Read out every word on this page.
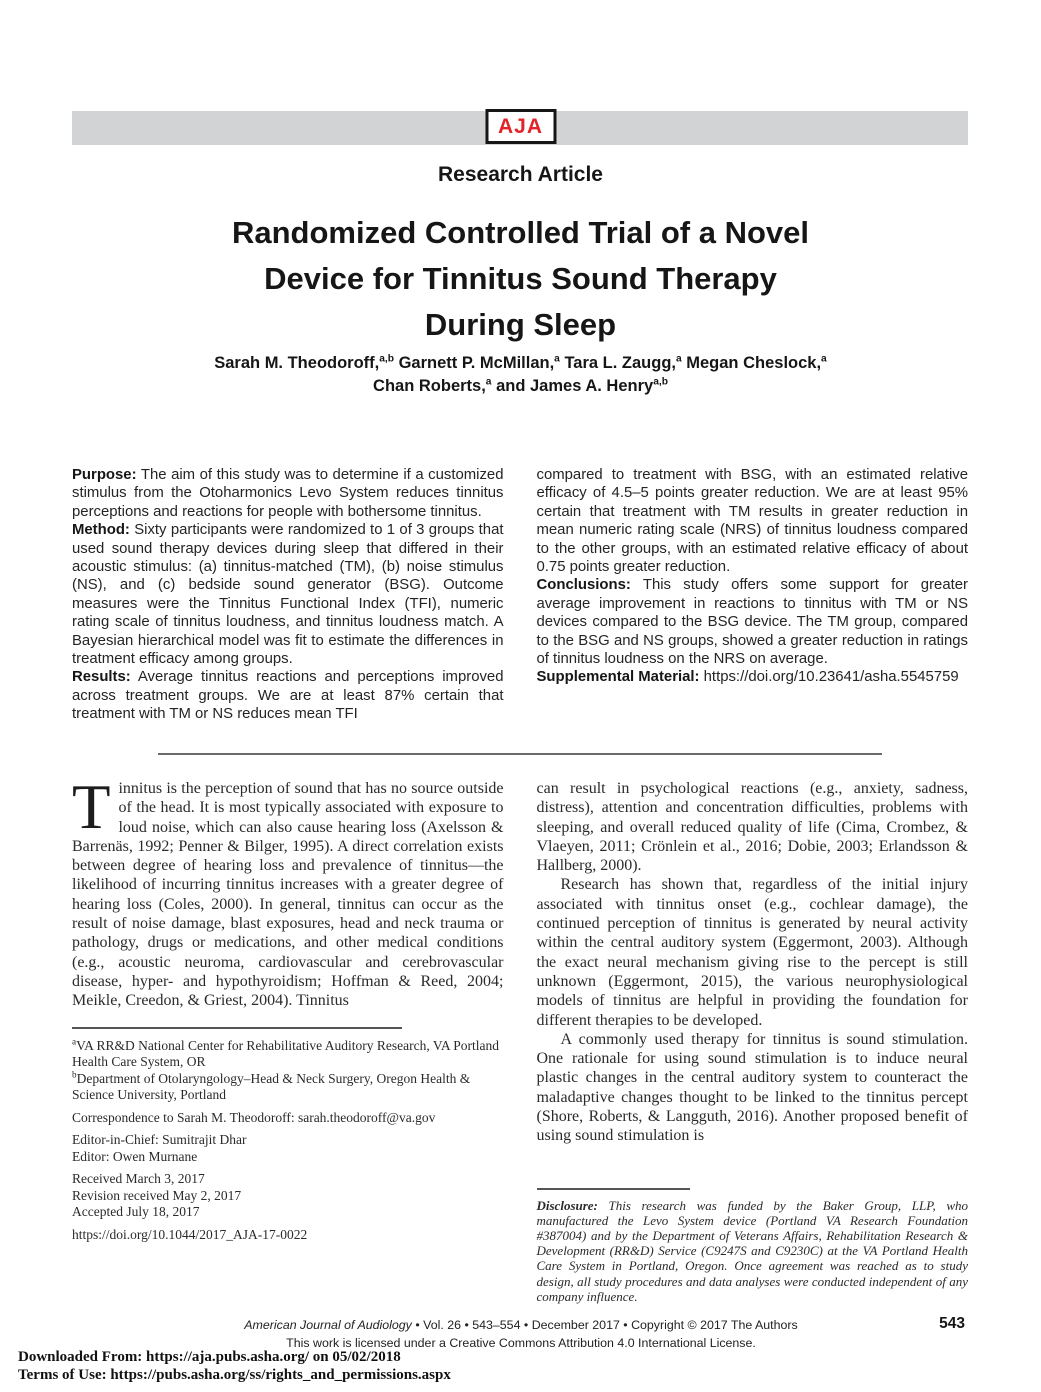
AJA
Research Article
Randomized Controlled Trial of a Novel
Device for Tinnitus Sound Therapy
During Sleep
Sarah M. Theodoroff,$^{a,b}$ Garnett P. McMillan,$^a$ Tara L. Zaugg,$^a$ Megan Cheslock,$^a$
Chan Roberts,$^a$ and James A. Henry$^{a,b}$

Purpose: The aim of this study was to determine if a customized stimulus from the Otoharmonics Levo System reduces tinnitus perceptions and reactions for people with bothersome tinnitus.

Method: Sixty participants were randomized to 1 of 3 groups that used sound therapy devices during sleep that differed in their acoustic stimulus: (a) tinnitus-matched (TM), (b) noise stimulus (NS), and (c) bedside sound generator (BSG). Outcome measures were the Tinnitus Functional Index (TFI), numeric rating scale of tinnitus loudness, and tinnitus loudness match. A Bayesian hierarchical model was fit to estimate the differences in treatment efficacy among groups.

Results: Average tinnitus reactions and perceptions improved across treatment groups. We are at least 87% certain that treatment with TM or NS reduces mean TFI

compared to treatment with BSG, with an estimated relative efficacy of 4.5–5 points greater reduction. We are at least 95% certain that treatment with TM results in greater reduction in mean numeric rating scale (NRS) of tinnitus loudness compared to the other groups, with an estimated relative efficacy of about 0.75 points greater reduction.

Conclusions: This study offers some support for greater average improvement in reactions to tinnitus with TM or NS devices compared to the BSG device. The TM group, compared to the BSG and NS groups, showed a greater reduction in ratings of tinnitus loudness on the NRS on average.

Supplemental Material: https://doi.org/10.23641/asha.5545759

Tinnitus is the perception of sound that has no source outside of the head. It is most typically associated with exposure to loud noise, which can also cause hearing loss (Axelsson & Barrenäs, 1992; Penner & Bilger, 1995). A direct correlation exists between degree of hearing loss and prevalence of tinnitus—the likelihood of incurring tinnitus increases with a greater degree of hearing loss (Coles, 2000). In general, tinnitus can occur as the result of noise damage, blast exposures, head and neck trauma or pathology, drugs or medications, and other medical conditions (e.g., acoustic neuroma, cardiovascular and cerebrovascular disease, hyper- and hypothyroidism; Hoffman & Reed, 2004; Meikle, Creedon, & Griest, 2004). Tinnitus

$^a$VA RR&D National Center for Rehabilitative Auditory Research, VA Portland Health Care System, OR

$^b$Department of Otolaryngology–Head & Neck Surgery, Oregon Health & Science University, Portland

Correspondence to Sarah M. Theodoroff: sarah.theodoroff@va.gov

Editor-in-Chief: Sumitrajit Dhar

Editor: Owen Murnane

Received March 3, 2017

Revision received May 2, 2017

Accepted July 18, 2017

https://doi.org/10.1044/2017_AJA-17-0022

can result in psychological reactions (e.g., anxiety, sadness, distress), attention and concentration difficulties, problems with sleeping, and overall reduced quality of life (Cima, Crombez, & Vlaeyen, 2011; Crönlein et al., 2016; Dobie, 2003; Erlandsson & Hallberg, 2000).

Research has shown that, regardless of the initial injury associated with tinnitus onset (e.g., cochlear damage), the continued perception of tinnitus is generated by neural activity within the central auditory system (Eggermont, 2003). Although the exact neural mechanism giving rise to the percept is still unknown (Eggermont, 2015), the various neurophysiological models of tinnitus are helpful in providing the foundation for different therapies to be developed.

A commonly used therapy for tinnitus is sound stimulation. One rationale for using sound stimulation is to induce neural plastic changes in the central auditory system to counteract the maladaptive changes thought to be linked to the tinnitus percept (Shore, Roberts, & Langguth, 2016). Another proposed benefit of using sound stimulation is

Disclosure: This research was funded by the Baker Group, LLP, who manufactured the Levo System device (Portland VA Research Foundation #387004) and by the Department of Veterans Affairs, Rehabilitation Research & Development (RR&D) Service (C9247S and C9230C) at the VA Portland Health Care System in Portland, Oregon. Once agreement was reached as to study design, all study procedures and data analyses were conducted independent of any company influence.
American Journal of Audiology • Vol. 26 • 543–554 • December 2017 • Copyright © 2017 The Authors
This work is licensed under a Creative Commons Attribution 4.0 International License.
543
Downloaded From: https://aja.pubs.asha.org/ on 05/02/2018
Terms of Use: https://pubs.asha.org/ss/rights_and_permissions.aspx
